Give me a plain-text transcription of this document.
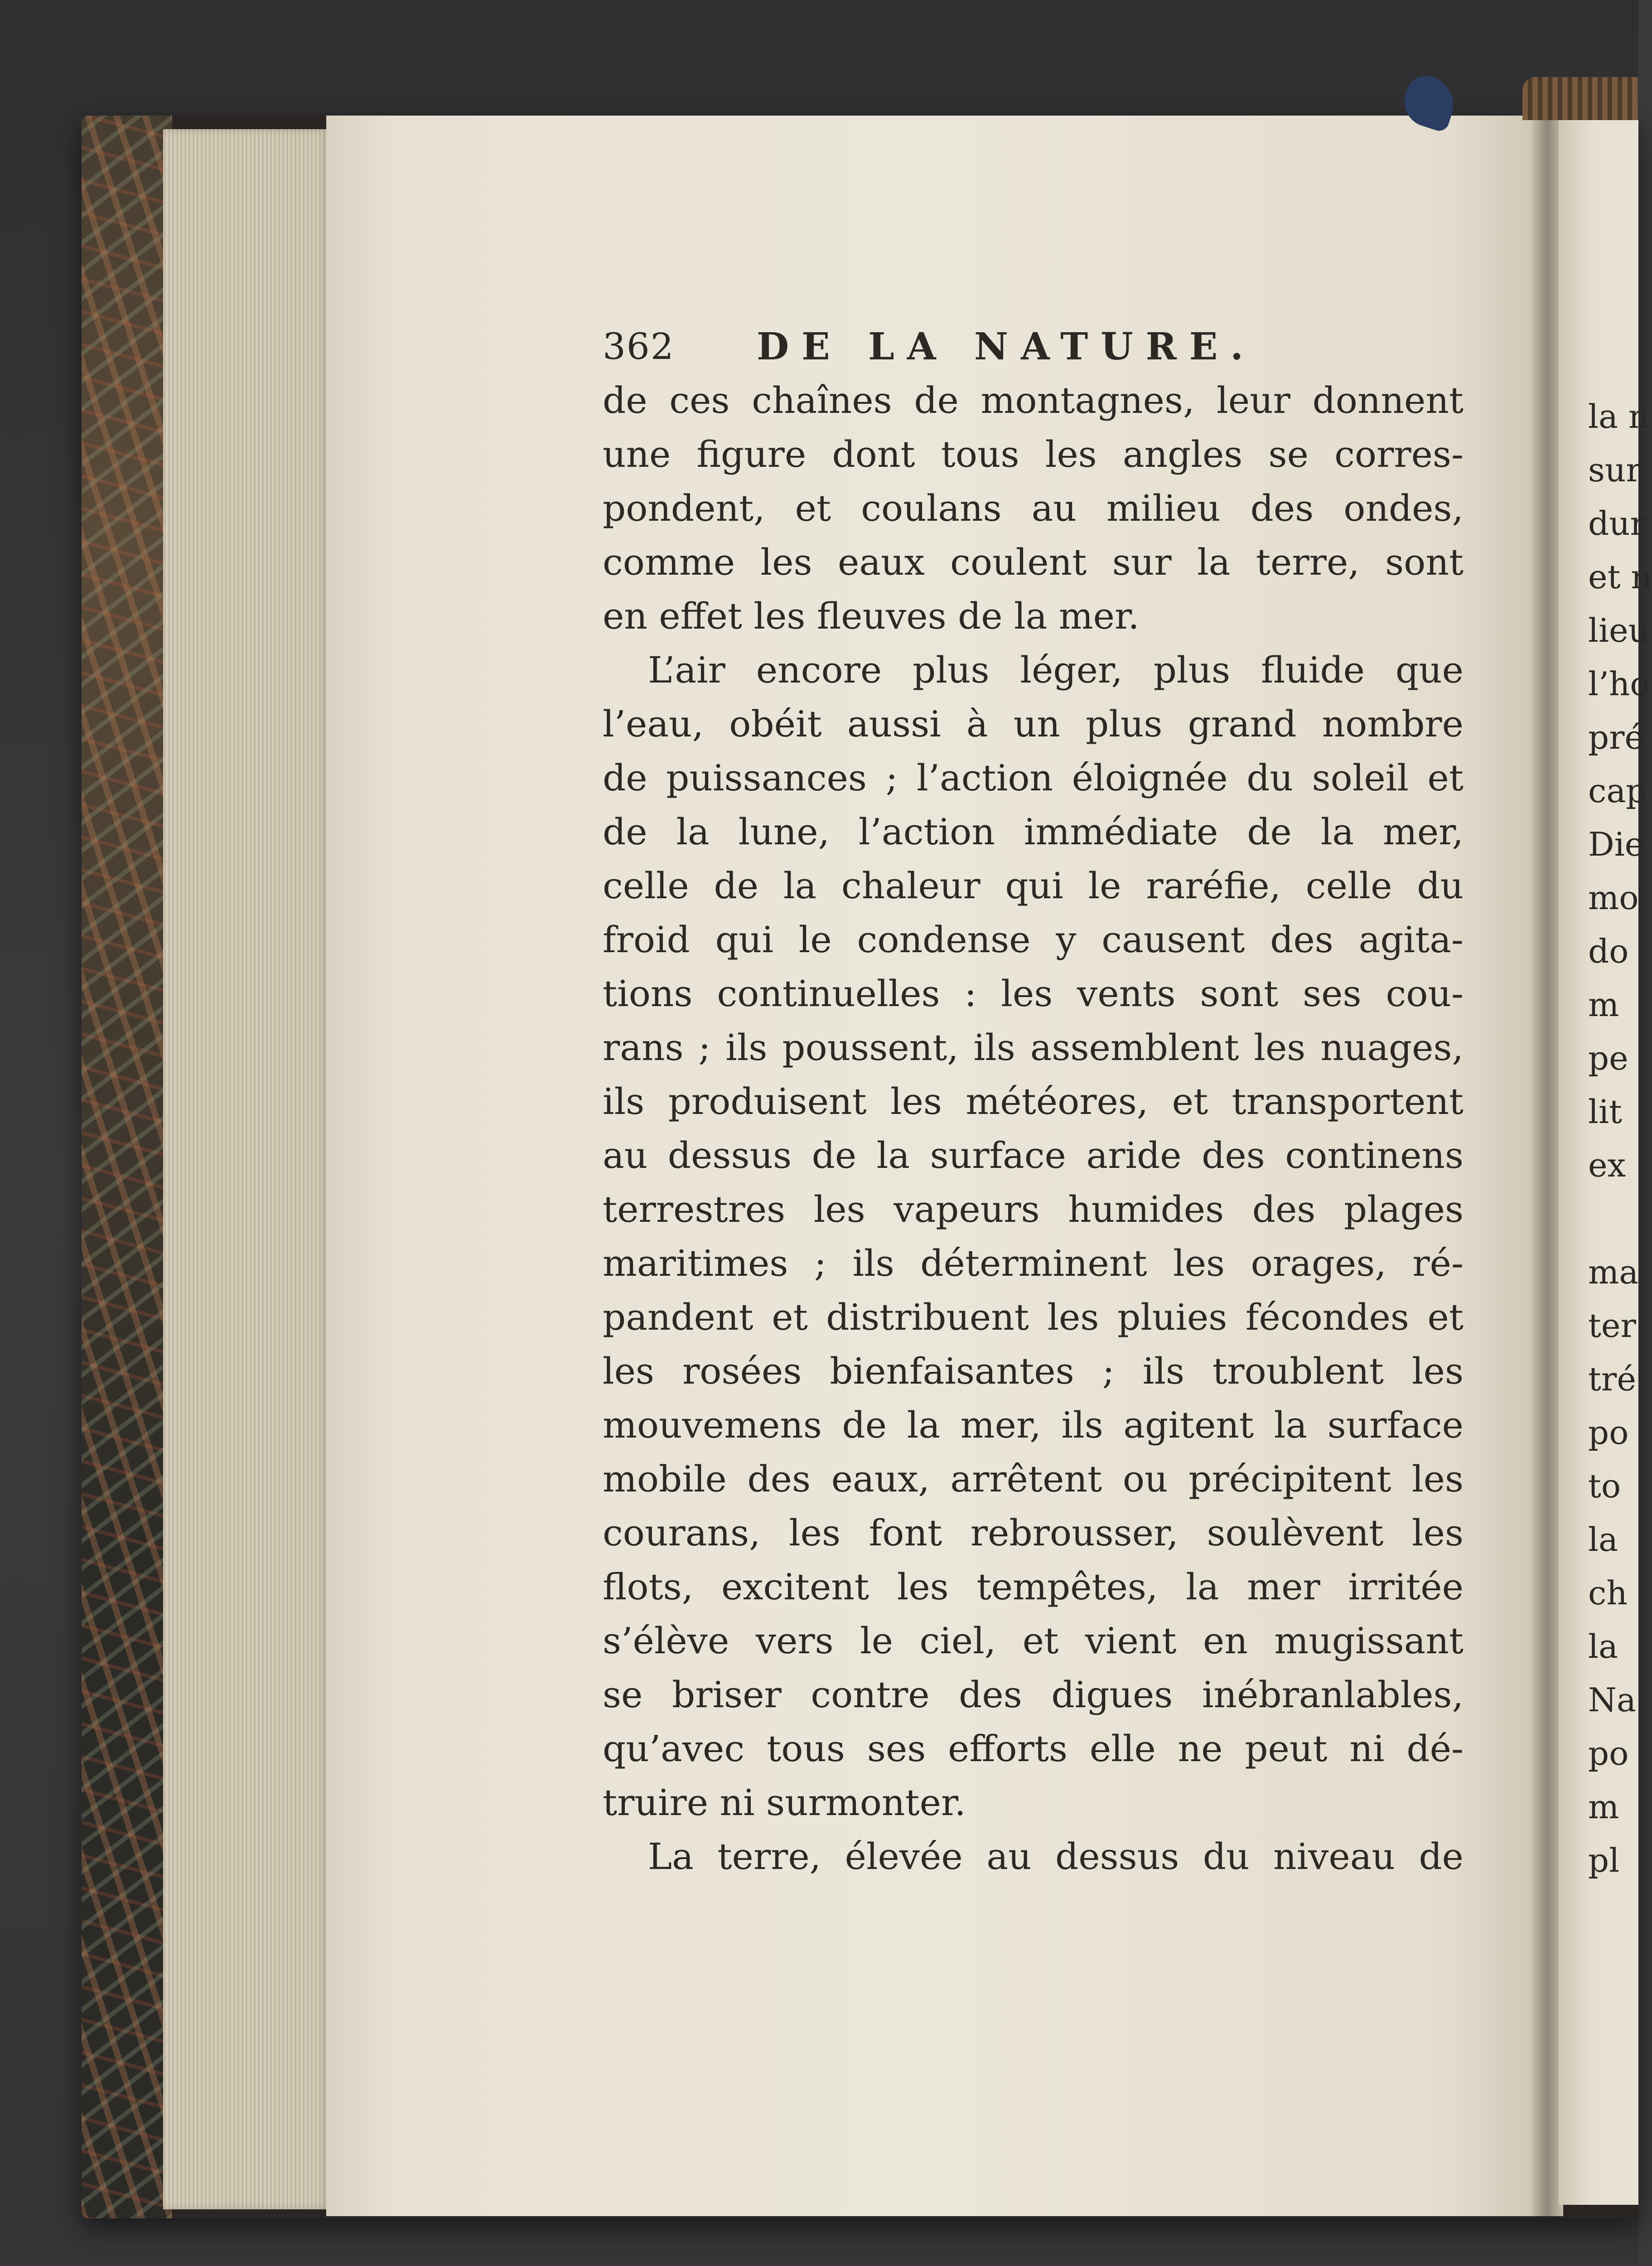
362 DE LA NATURE.
de ces chaînes de montagnes, leur donnent
une figure dont tous les angles se corres-
pondent, et coulans au milieu des ondes,
comme les eaux coulent sur la terre, sont
en effet les fleuves de la mer.
L’air encore plus léger, plus fluide que
l’eau, obéit aussi à un plus grand nombre
de puissances ; l’action éloignée du soleil et
de la lune, l’action immédiate de la mer,
celle de la chaleur qui le raréfie, celle du
froid qui le condense y causent des agita-
tions continuelles : les vents sont ses cou-
rans ; ils poussent, ils assemblent les nuages,
ils produisent les météores, et transportent
au dessus de la surface aride des continens
terrestres les vapeurs humides des plages
maritimes ; ils déterminent les orages, ré-
pandent et distribuent les pluies fécondes et
les rosées bienfaisantes ; ils troublent les
mouvemens de la mer, ils agitent la surface
mobile des eaux, arrêtent ou précipitent les
courans, les font rebrousser, soulèvent les
flots, excitent les tempêtes, la mer irritée
s’élève vers le ciel, et vient en mugissant
se briser contre des digues inébranlables,
qu’avec tous ses efforts elle ne peut ni dé-
truire ni surmonter.
La terre, élevée au dessus du niveau de
la n
sur
dur
et n
lieu
l’ho
pré
cap
Die
mo
do
m
pe
lit
ex
ma
ter
tré
po
to
la
ch
la
Na
po
m
pl
